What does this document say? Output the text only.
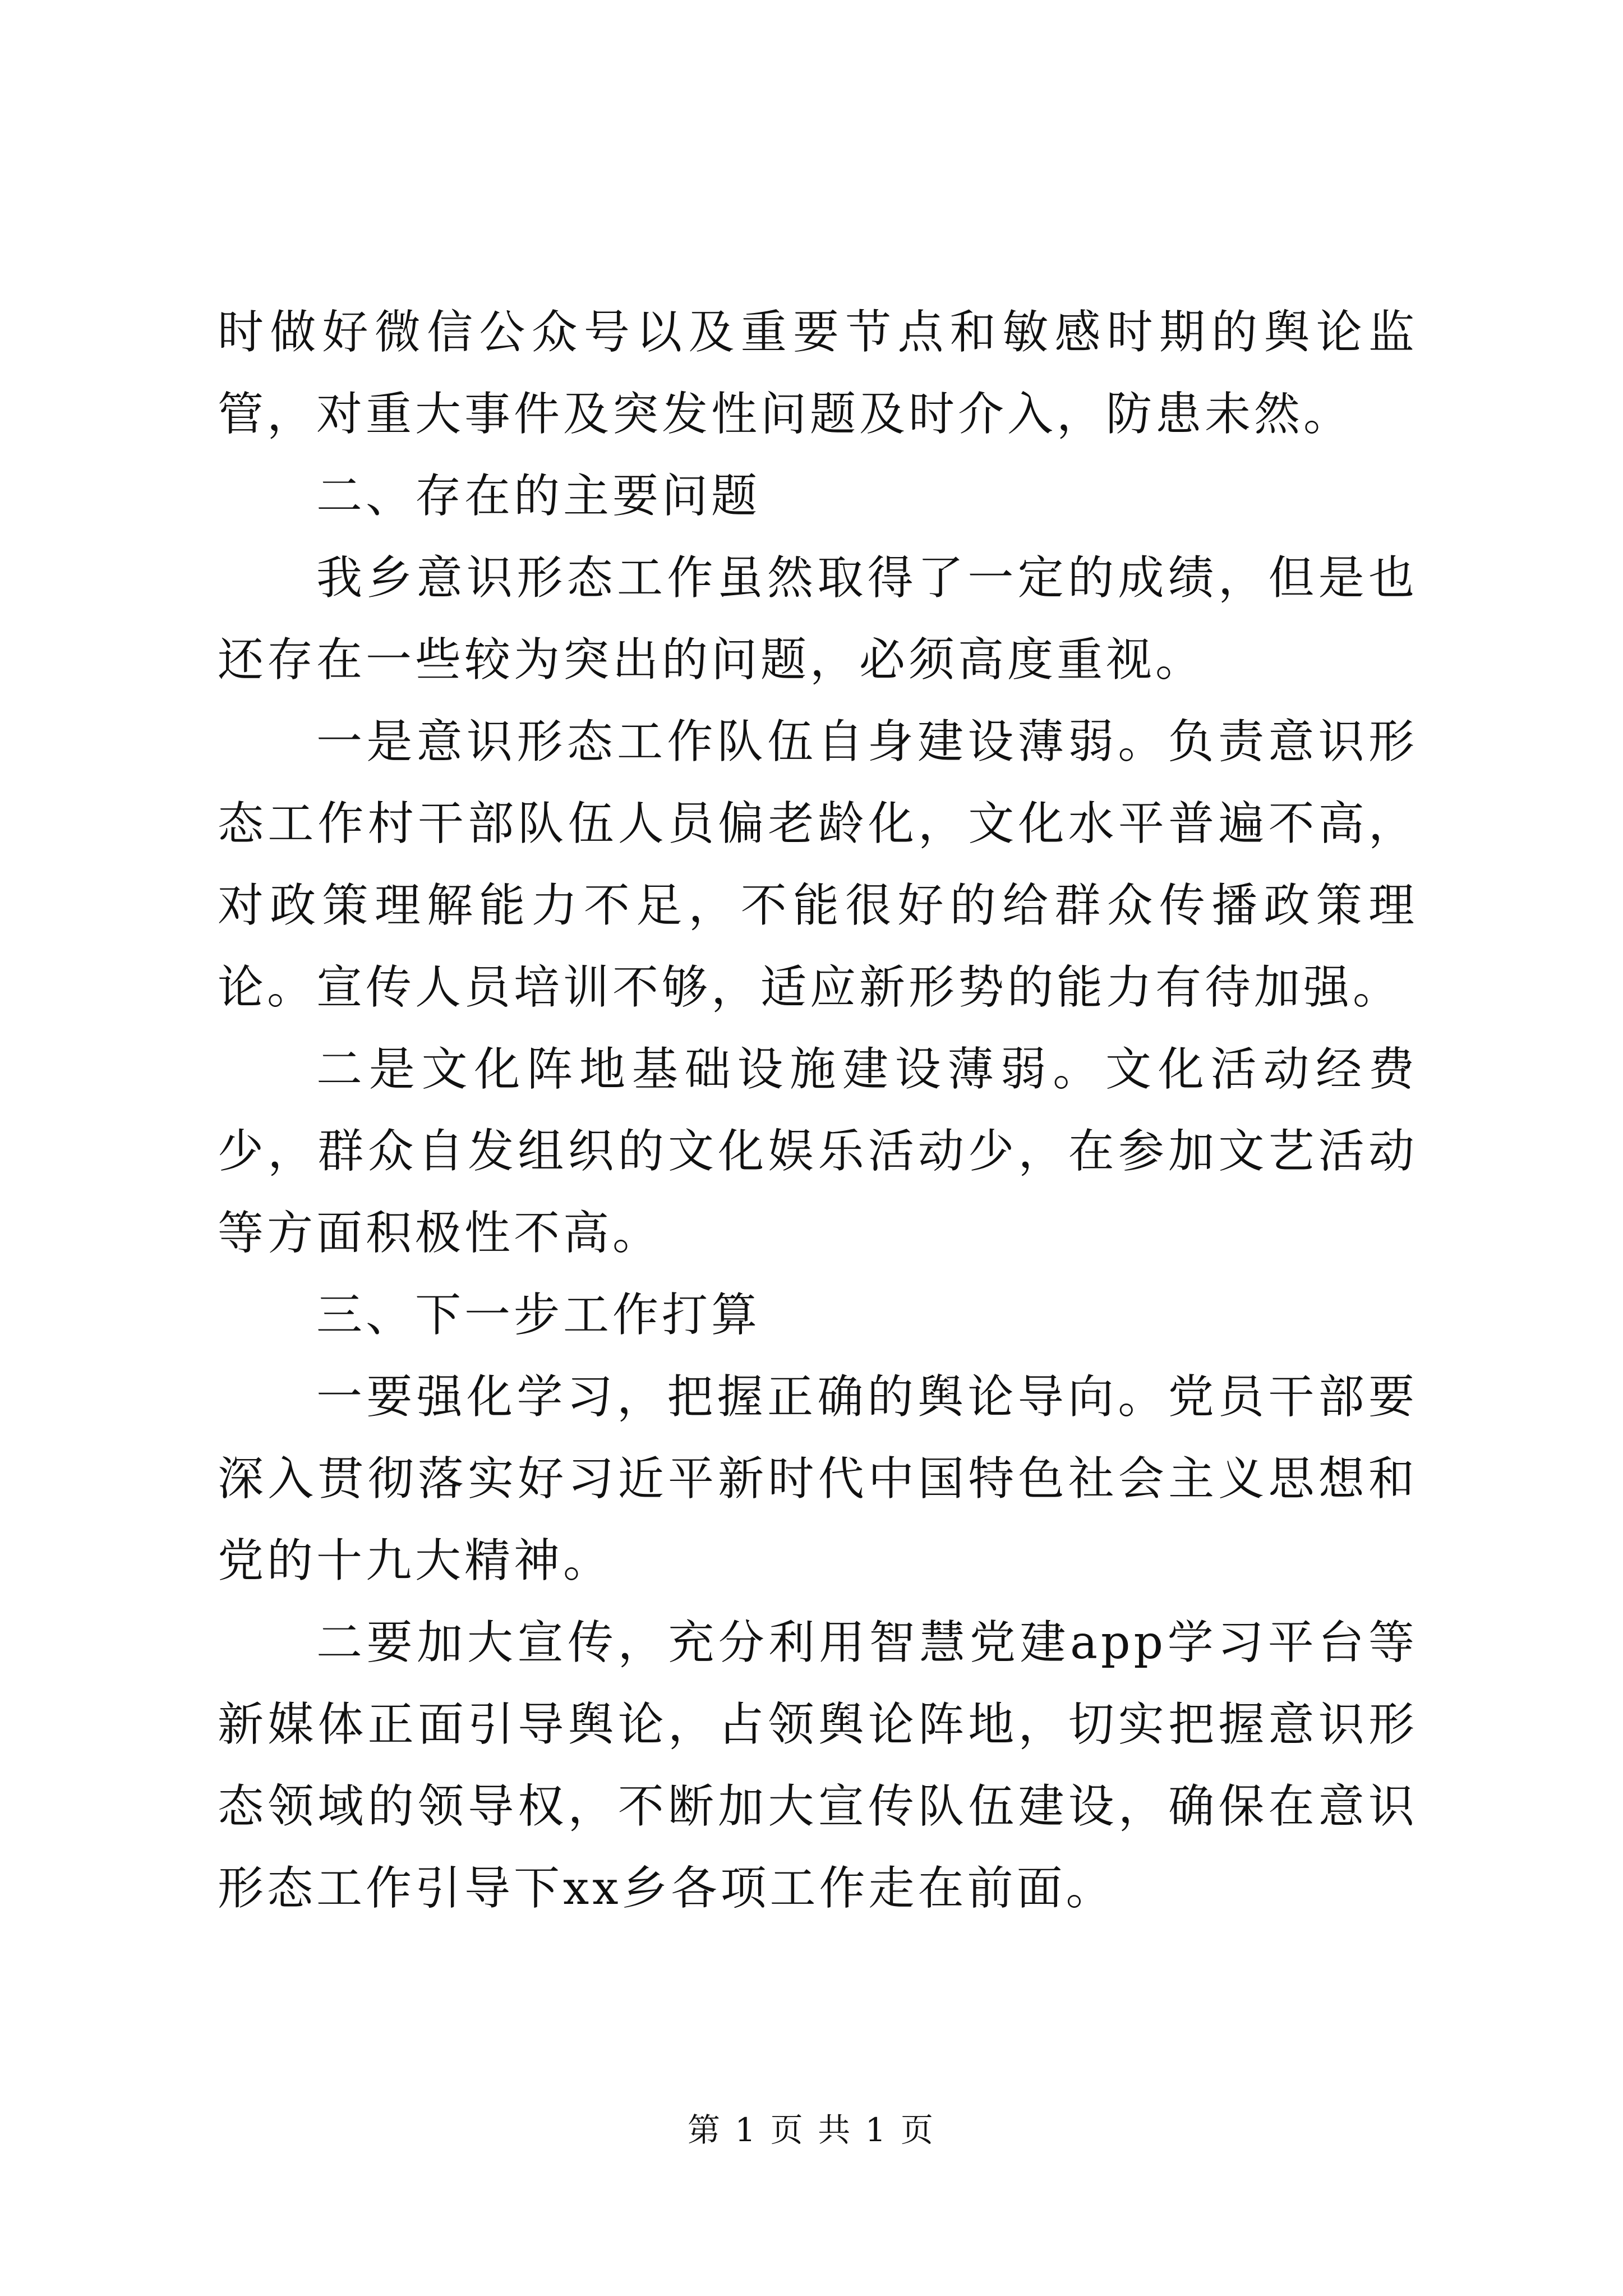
时做好微信公众号以及重要节点和敏感时期的舆论监管，对重大事件及突发性问题及时介入，防患未然。

二、存在的主要问题

我乡意识形态工作虽然取得了一定的成绩，但是也还存在一些较为突出的问题，必须高度重视。

一是意识形态工作队伍自身建设薄弱。负责意识形态工作村干部队伍人员偏老龄化，文化水平普遍不高，对政策理解能力不足，不能很好的给群众传播政策理论。宣传人员培训不够，适应新形势的能力有待加强。

二是文化阵地基础设施建设薄弱。文化活动经费少，群众自发组织的文化娱乐活动少，在参加文艺活动等方面积极性不高。

三、下一步工作打算

一要强化学习，把握正确的舆论导向。党员干部要深入贯彻落实好习近平新时代中国特色社会主义思想和党的十九大精神。

二要加大宣传，充分利用智慧党建app学习平台等新媒体正面引导舆论，占领舆论阵地，切实把握意识形态领域的领导权，不断加大宣传队伍建设，确保在意识形态工作引导下xx乡各项工作走在前面。

第 1 页 共 1 页
